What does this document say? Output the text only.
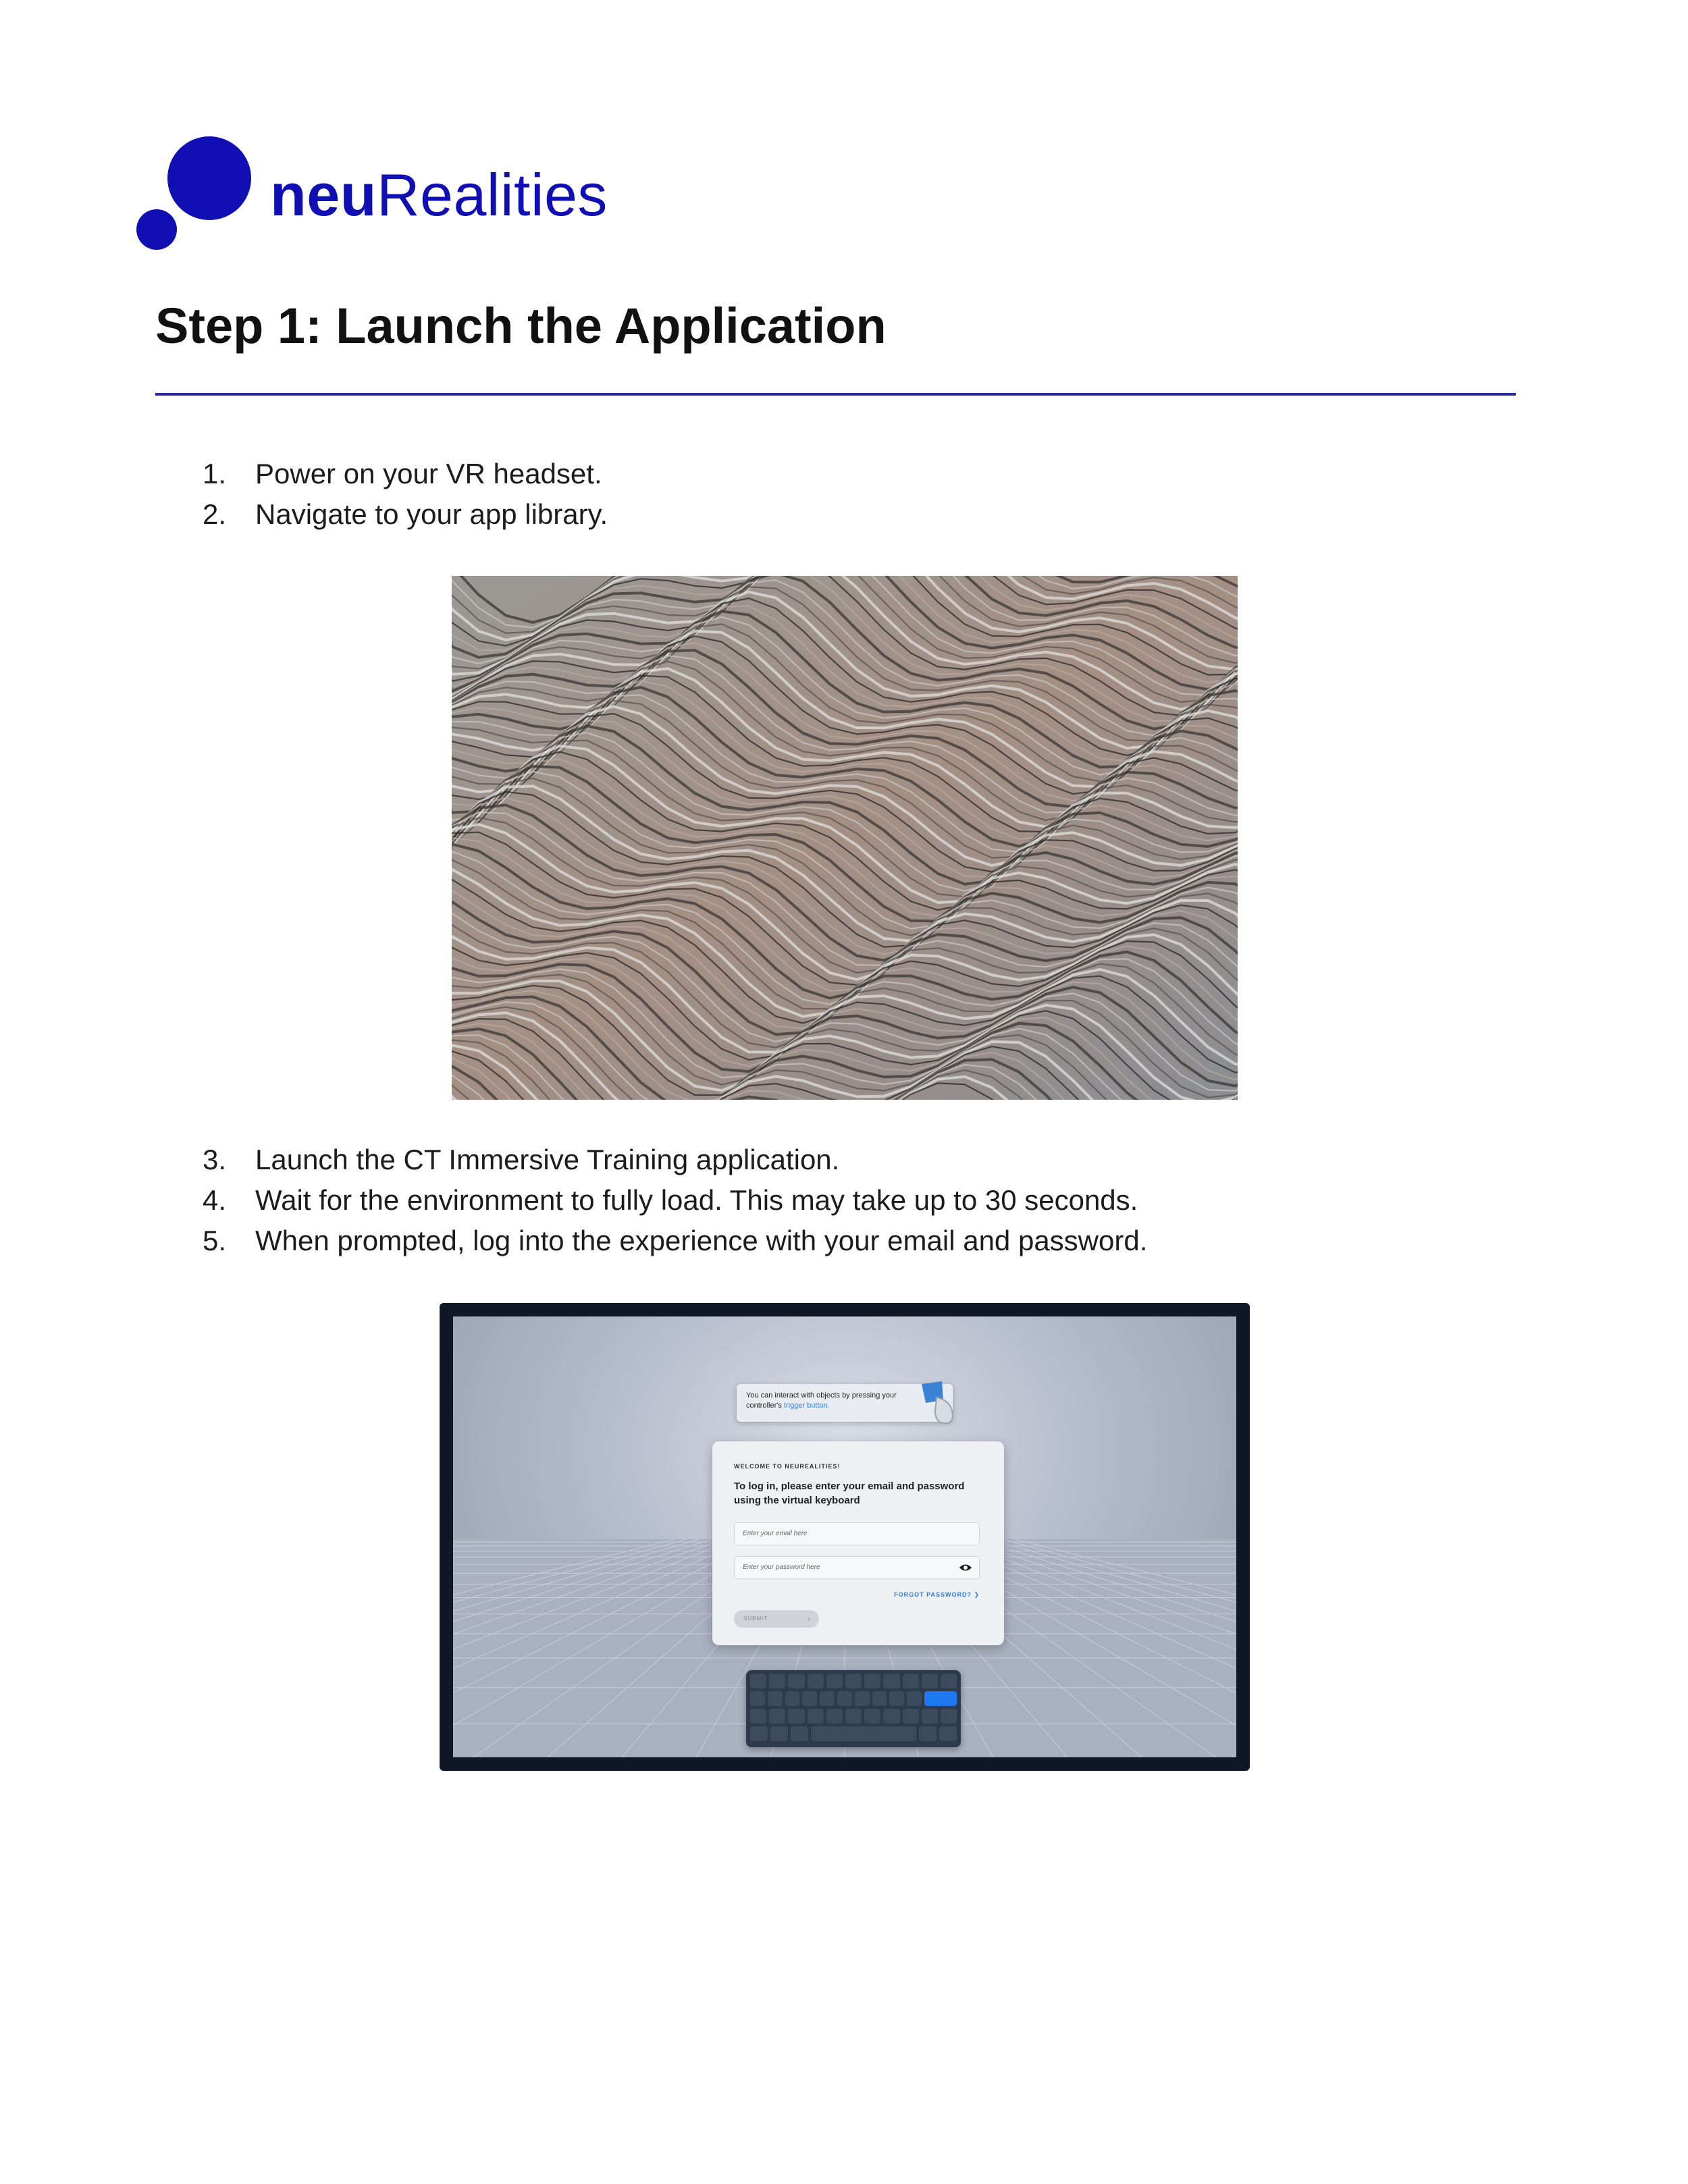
neuRealities
Step 1: Launch the Application
1. Power on your VR headset.
2. Navigate to your app library.
3. Launch the CT Immersive Training application.
4. Wait for the environment to fully load. This may take up to 30 seconds.
5. When prompted, log into the experience with your email and password.
You can interact with objects by pressing your
controller's trigger button.
WELCOME TO NEUREALITIES!
To log in, please enter your email and password using the virtual keyboard
Enter your email here
Enter your password here
FORGOT PASSWORD? ❯
SUBMIT	›
